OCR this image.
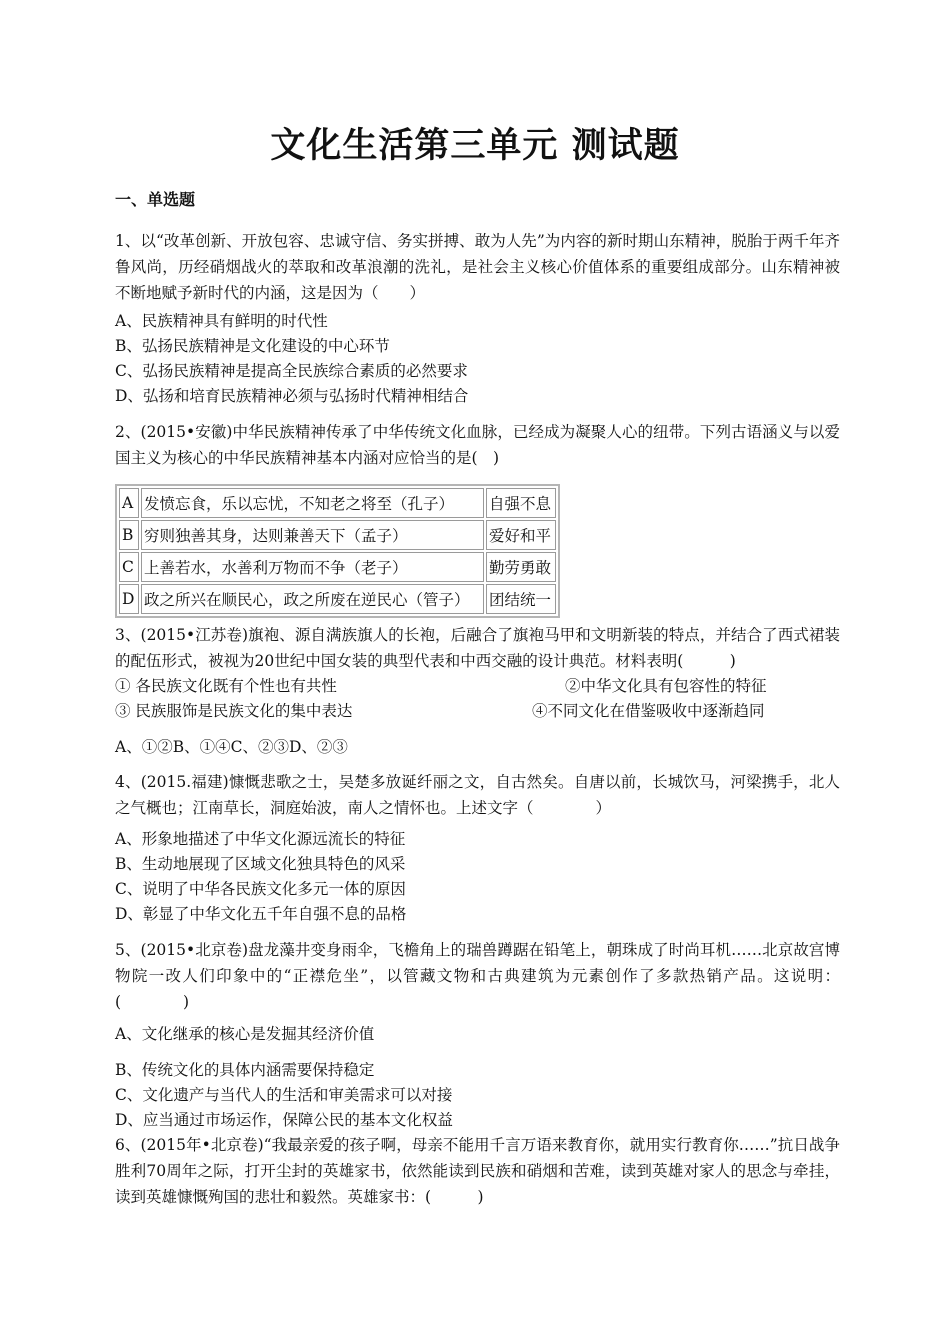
文化生活第三单元 测试题
一、单选题
1、以“改革创新、开放包容、忠诚守信、务实拼搏、敢为人先”为内容的新时期山东精神，脱胎于两千年齐鲁风尚，历经硝烟战火的萃取和改革浪潮的洗礼，是社会主义核心价值体系的重要组成部分。山东精神被不断地赋予新时代的内涵，这是因为（　　）
A、民族精神具有鲜明的时代性
B、弘扬民族精神是文化建设的中心环节
C、弘扬民族精神是提高全民族综合素质的必然要求
D、弘扬和培育民族精神必须与弘扬时代精神相结合
2、(2015•安徽)中华民族精神传承了中华传统文化血脉，已经成为凝聚人心的纽带。下列古语涵义与以爱国主义为核心的中华民族精神基本内涵对应恰当的是(　)
A	发愤忘食，乐以忘忧，不知老之将至（孔子）	自强不息
B	穷则独善其身，达则兼善天下（孟子）	爱好和平
C	上善若水，水善利万物而不争（老子）	勤劳勇敢
D	政之所兴在顺民心，政之所废在逆民心（管子）	团结统一
3、(2015•江苏卷)旗袍、源自满族旗人的长袍，后融合了旗袍马甲和文明新装的特点，并结合了西式裙装的配伍形式，被视为20世纪中国女装的典型代表和中西交融的设计典范。材料表明(　　　)
① 各民族文化既有个性也有共性	②中华文化具有包容性的特征
③ 民族服饰是民族文化的集中表达	④不同文化在借鉴吸收中逐渐趋同
A、①②B、①④C、②③D、②③
4、(2015.福建)慷慨悲歌之士，吴楚多放诞纤丽之文，自古然矣。自唐以前，长城饮马，河梁携手，北人之气概也；江南草长，洞庭始波，南人之情怀也。上述文字（　　　　）
A、形象地描述了中华文化源远流长的特征
B、生动地展现了区域文化独具特色的风采
C、说明了中华各民族文化多元一体的原因
D、彰显了中华文化五千年自强不息的品格
5、(2015•北京卷)盘龙藻井变身雨伞，飞檐角上的瑞兽蹲踞在铅笔上，朝珠成了时尚耳机……北京故宫博物院一改人们印象中的“正襟危坐”，以管藏文物和古典建筑为元素创作了多款热销产品。这说明：(　　　　)
A、文化继承的核心是发掘其经济价值
B、传统文化的具体内涵需要保持稳定
C、文化遗产与当代人的生活和审美需求可以对接
D、应当通过市场运作，保障公民的基本文化权益
6、(2015年•北京卷)“我最亲爱的孩子啊，母亲不能用千言万语来教育你，就用实行教育你……”抗日战争胜利70周年之际，打开尘封的英雄家书，依然能读到民族和硝烟和苦难，读到英雄对家人的思念与牵挂，读到英雄慷慨殉国的悲壮和毅然。英雄家书：(　　　)
